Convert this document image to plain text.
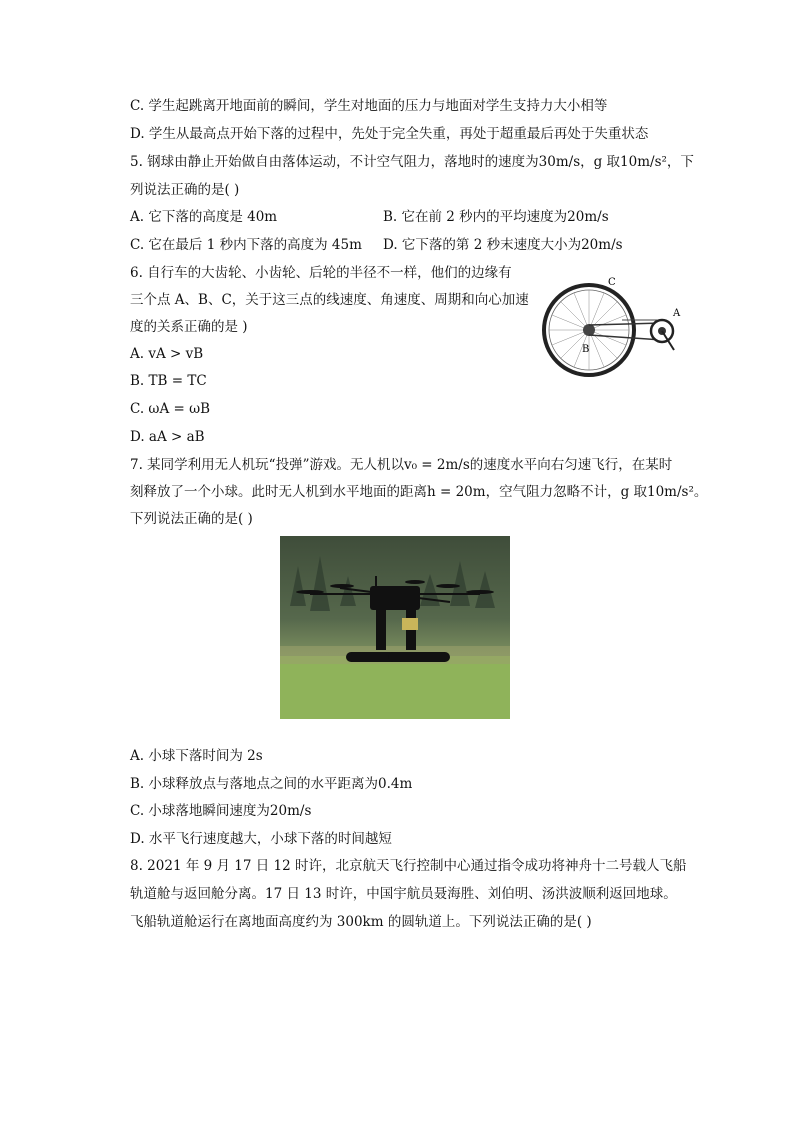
C. 学生起跳离开地面前的瞬间，学生对地面的压力与地面对学生支持力大小相等
D. 学生从最高点开始下落的过程中，先处于完全失重，再处于超重最后再处于失重状态
5. 钢球由静止开始做自由落体运动，不计空气阻力，落地时的速度为30m/s，g 取10m/s²，下
列说法正确的是( )
A. 它下落的高度是 40m	B. 它在前 2 秒内的平均速度为20m/s
C. 它在最后 1 秒内下落的高度为 45m D. 它下落的第 2 秒末速度大小为20m/s
6. 自行车的大齿轮、小齿轮、后轮的半径不一样，他们的边缘有
三个点 A、B、C，关于这三点的线速度、角速度、周期和向心加速
度的关系正确的是 )
A. vA > vB
B. TB = TC
C. ωA = ωB
D. aA > aB
C
A
B
7. 某同学利用无人机玩“投弹”游戏。无人机以v₀ = 2m/s的速度水平向右匀速飞行，在某时
刻释放了一个小球。此时无人机到水平地面的距离h = 20m，空气阻力忽略不计，g 取10m/s²。
下列说法正确的是( )
A. 小球下落时间为 2s
B. 小球释放点与落地点之间的水平距离为0.4m
C. 小球落地瞬间速度为20m/s
D. 水平飞行速度越大，小球下落的时间越短
8. 2021 年 9 月 17 日 12 时许，北京航天飞行控制中心通过指令成功将神舟十二号载人飞船
轨道舱与返回舱分离。17 日 13 时许，中国宇航员聂海胜、刘伯明、汤洪波顺利返回地球。
飞船轨道舱运行在离地面高度约为 300km 的圆轨道上。下列说法正确的是( )
